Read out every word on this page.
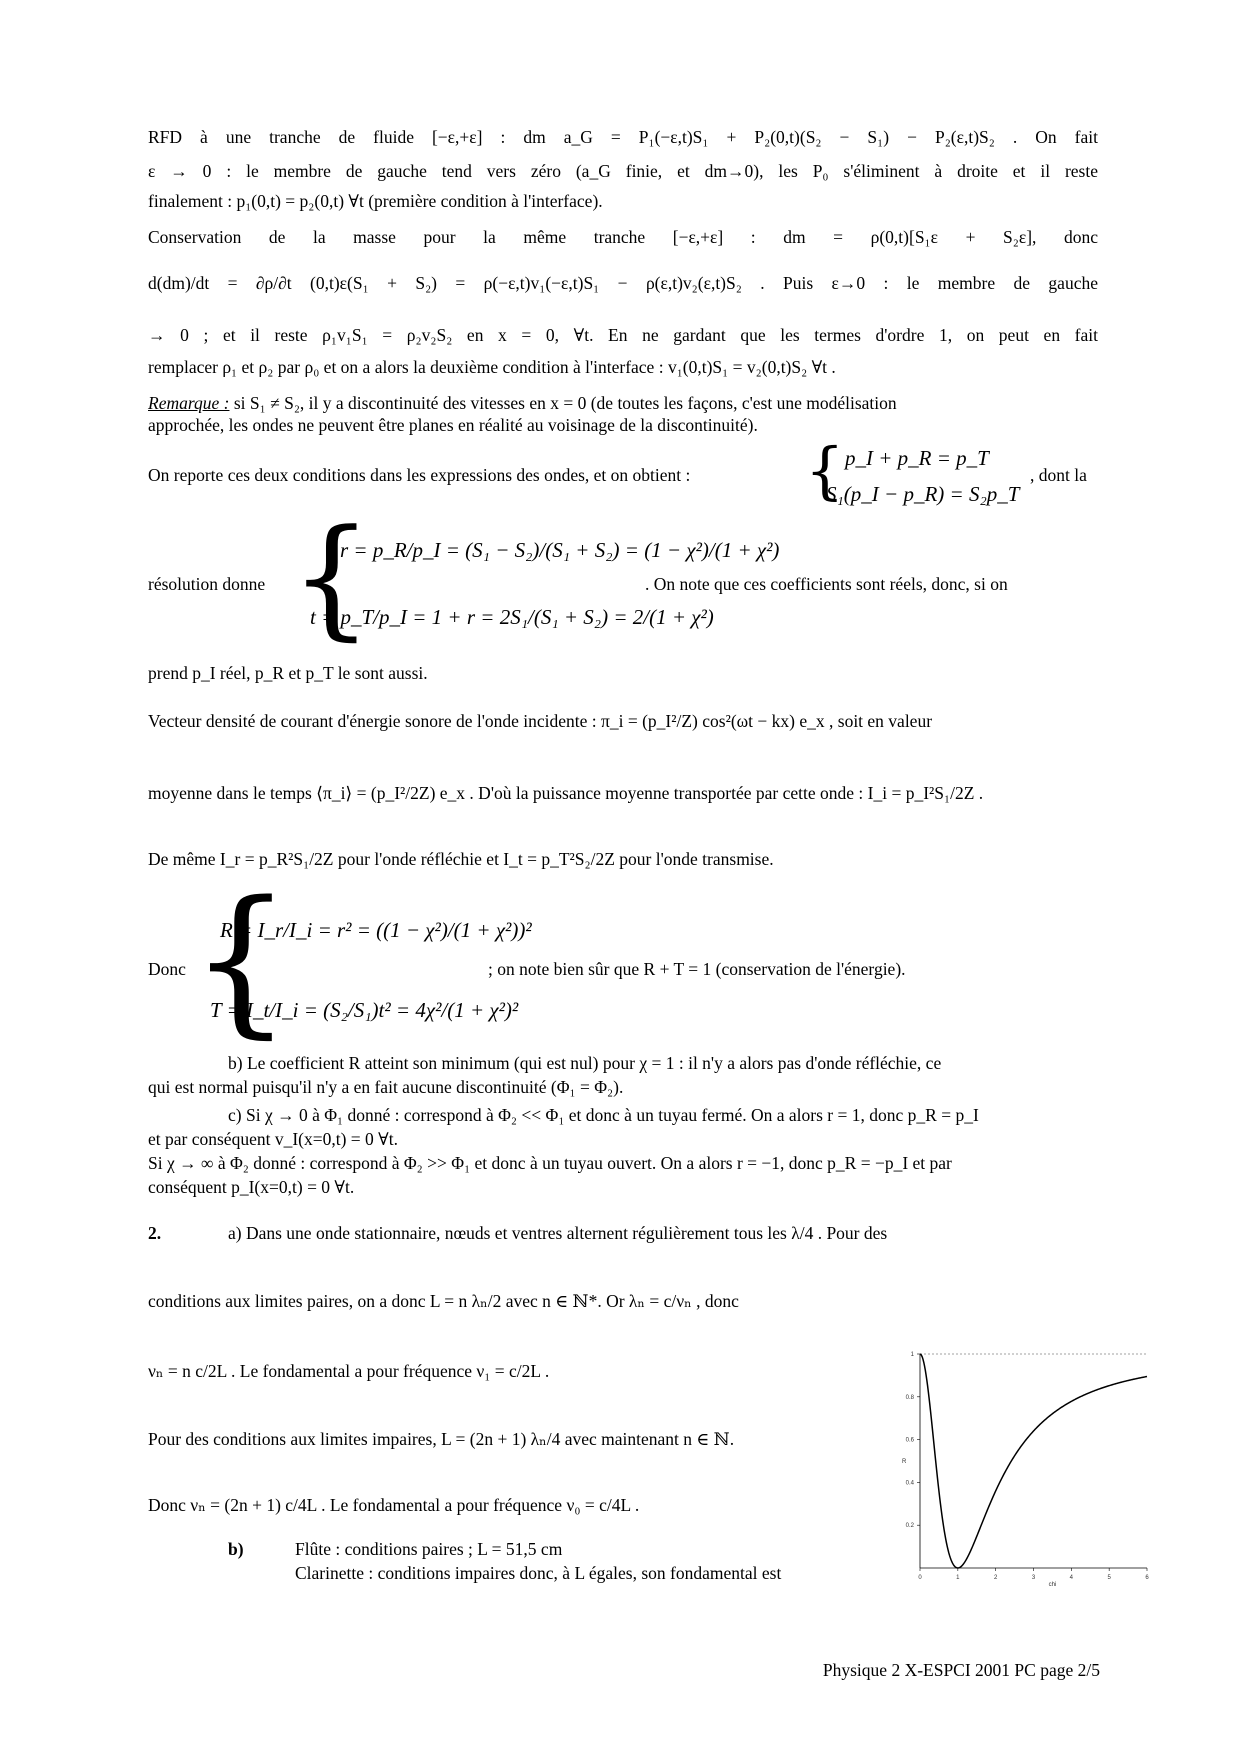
RFD à une tranche de fluide [−ε,+ε] : dm a_G = P₁(−ε,t)S₁ + P₂(0,t)(S₂ − S₁) − P₂(ε,t)S₂ . On fait
ε → 0 : le membre de gauche tend vers zéro (a_G finie, et dm→0), les P₀ s'éliminent à droite et il reste
finalement : p₁(0,t) = p₂(0,t) ∀t (première condition à l'interface).
Conservation de la masse pour la même tranche [−ε,+ε] : dm = ρ(0,t)[S₁ε + S₂ε], donc
d(dm)/dt = ∂ρ/∂t (0,t)ε(S₁ + S₂) = ρ(−ε,t)v₁(−ε,t)S₁ − ρ(ε,t)v₂(ε,t)S₂ . Puis ε→0 : le membre de gauche
→ 0 ; et il reste ρ₁v₁S₁ = ρ₂v₂S₂ en x = 0, ∀t. En ne gardant que les termes d'ordre 1, on peut en fait
remplacer ρ₁ et ρ₂ par ρ₀ et on a alors la deuxième condition à l'interface : v₁(0,t)S₁ = v₂(0,t)S₂ ∀t .
Remarque : si S₁ ≠ S₂, il y a discontinuité des vitesses en x = 0 (de toutes les façons, c'est une modélisation
approchée, les ondes ne peuvent être planes en réalité au voisinage de la discontinuité).
On reporte ces deux conditions dans les expressions des ondes, et on obtient : { p_I + p_R = p_T
S₁(p_I − p_R) = S₂p_T
, dont la
résolution donne {
r = p_R/p_I = (S₁ − S₂)/(S₁ + S₂) = (1 − χ²)/(1 + χ²)
t = p_T/p_I = 1 + r = 2S₁/(S₁ + S₂) = 2/(1 + χ²)
. On note que ces coefficients sont réels, donc, si on
prend p_I réel, p_R et p_T le sont aussi.
Vecteur densité de courant d'énergie sonore de l'onde incidente : π_i = (p_I²/Z) cos²(ωt − kx) e_x , soit en valeur
moyenne dans le temps ⟨π_i⟩ = (p_I²/2Z) e_x . D'où la puissance moyenne transportée par cette onde : I_i = p_I²S₁/2Z .
De même I_r = p_R²S₁/2Z pour l'onde réfléchie et I_t = p_T²S₂/2Z pour l'onde transmise.
Donc {
R = I_r/I_i = r² = ((1 − χ²)/(1 + χ²))²
T = I_t/I_i = (S₂/S₁)t² = 4χ²/(1 + χ²)²
; on note bien sûr que R + T = 1 (conservation de l'énergie).
b) Le coefficient R atteint son minimum (qui est nul) pour χ = 1 : il n'y a alors pas d'onde réfléchie, ce
qui est normal puisqu'il n'y a en fait aucune discontinuité (Φ₁ = Φ₂).
c) Si χ → 0 à Φ₁ donné : correspond à Φ₂ << Φ₁ et donc à un tuyau fermé. On a alors r = 1, donc p_R = p_I
et par conséquent v_I(x=0,t) = 0 ∀t.
Si χ → ∞ à Φ₂ donné : correspond à Φ₂ >> Φ₁ et donc à un tuyau ouvert. On a alors r = −1, donc p_R = −p_I et par
conséquent p_I(x=0,t) = 0 ∀t.
2.	a) Dans une onde stationnaire, nœuds et ventres alternent régulièrement tous les λ/4 . Pour des
conditions aux limites paires, on a donc L = n λₙ/2 avec n ∈ ℕ*. Or λₙ = c/νₙ , donc
νₙ = n c/2L . Le fondamental a pour fréquence ν₁ = c/2L .
Pour des conditions aux limites impaires, L = (2n + 1) λₙ/4 avec maintenant n ∈ ℕ.
Donc νₙ = (2n + 1) c/4L . Le fondamental a pour fréquence ν₀ = c/4L .
b)	Flûte : conditions paires ; L = 51,5 cm
Clarinette : conditions impaires donc, à L égales, son fondamental est
1
0.8
0.6
0.4
0.2
R
0	1	2	3	4	5	6
chi
Physique 2 X-ESPCI 2001 PC page 2/5
